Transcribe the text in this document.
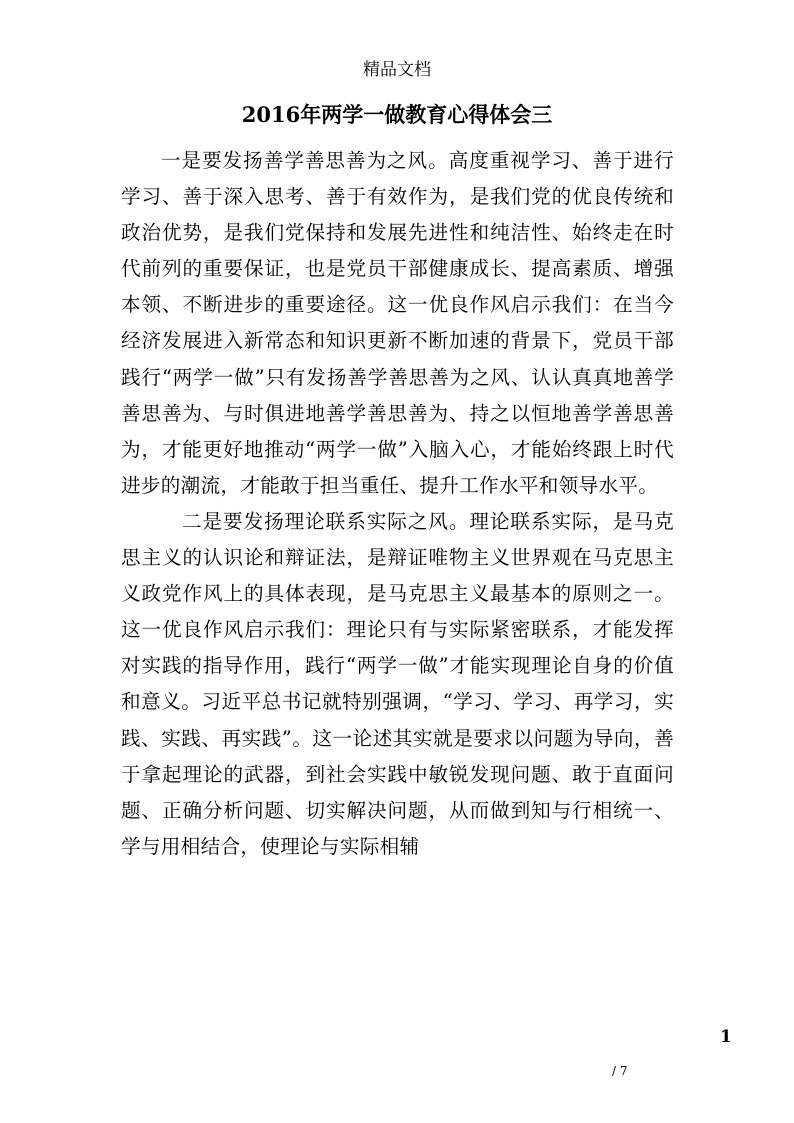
精品文档
2016年两学一做教育心得体会三

一是要发扬善学善思善为之风。高度重视学习、善于进行学习、善于深入思考、善于有效作为，是我们党的优良传统和政治优势，是我们党保持和发展先进性和纯洁性、始终走在时代前列的重要保证，也是党员干部健康成长、提高素质、增强本领、不断进步的重要途径。这一优良作风启示我们：在当今经济发展进入新常态和知识更新不断加速的背景下，党员干部践行“两学一做”只有发扬善学善思善为之风、认认真真地善学善思善为、与时俱进地善学善思善为、持之以恒地善学善思善为，才能更好地推动“两学一做”入脑入心，才能始终跟上时代进步的潮流，才能敢于担当重任、提升工作水平和领导水平。

二是要发扬理论联系实际之风。理论联系实际，是马克思主义的认识论和辩证法，是辩证唯物主义世界观在马克思主义政党作风上的具体表现，是马克思主义最基本的原则之一。这一优良作风启示我们：理论只有与实际紧密联系，才能发挥对实践的指导作用，践行“两学一做”才能实现理论自身的价值和意义。习近平总书记就特别强调，“学习、学习、再学习，实践、实践、再实践”。这一论述其实就是要求以问题为导向，善于拿起理论的武器，到社会实践中敏锐发现问题、敢于直面问题、正确分析问题、切实解决问题，从而做到知与行相统一、学与用相结合，使理论与实际相辅

1
/ 7
